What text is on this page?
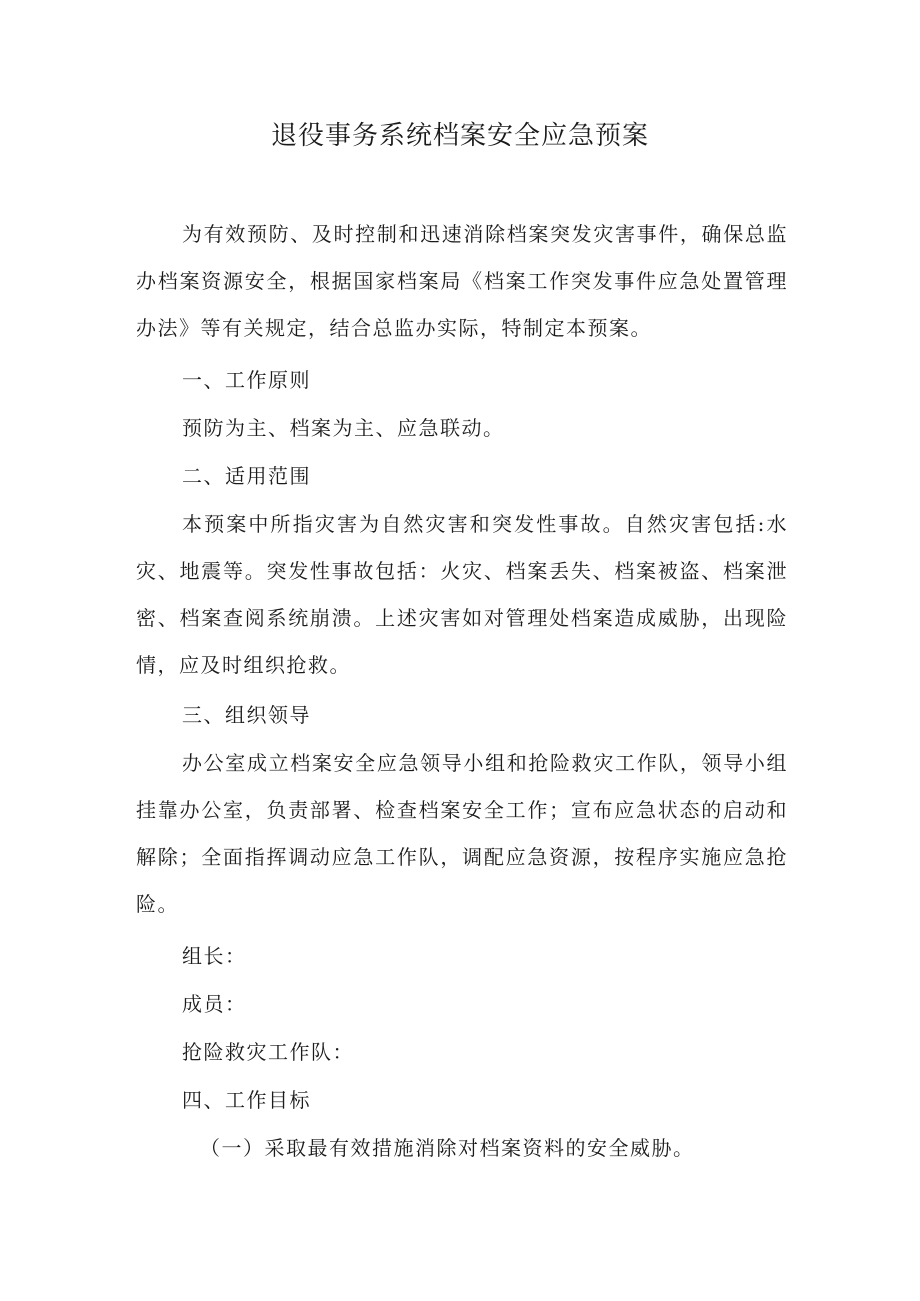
退役事务系统档案安全应急预案

为有效预防、及时控制和迅速消除档案突发灾害事件，确保总监办档案资源安全，根据国家档案局《档案工作突发事件应急处置管理办法》等有关规定，结合总监办实际，特制定本预案。

一、工作原则

预防为主、档案为主、应急联动。

二、适用范围

本预案中所指灾害为自然灾害和突发性事故。自然灾害包括:水灾、地震等。突发性事故包括：火灾、档案丢失、档案被盗、档案泄密、档案查阅系统崩溃。上述灾害如对管理处档案造成威胁，出现险情，应及时组织抢救。

三、组织领导

办公室成立档案安全应急领导小组和抢险救灾工作队，领导小组挂靠办公室，负责部署、检查档案安全工作；宣布应急状态的启动和解除；全面指挥调动应急工作队，调配应急资源，按程序实施应急抢险。

组长：

成员：

抢险救灾工作队：

四、工作目标

（一）采取最有效措施消除对档案资料的安全威胁。
